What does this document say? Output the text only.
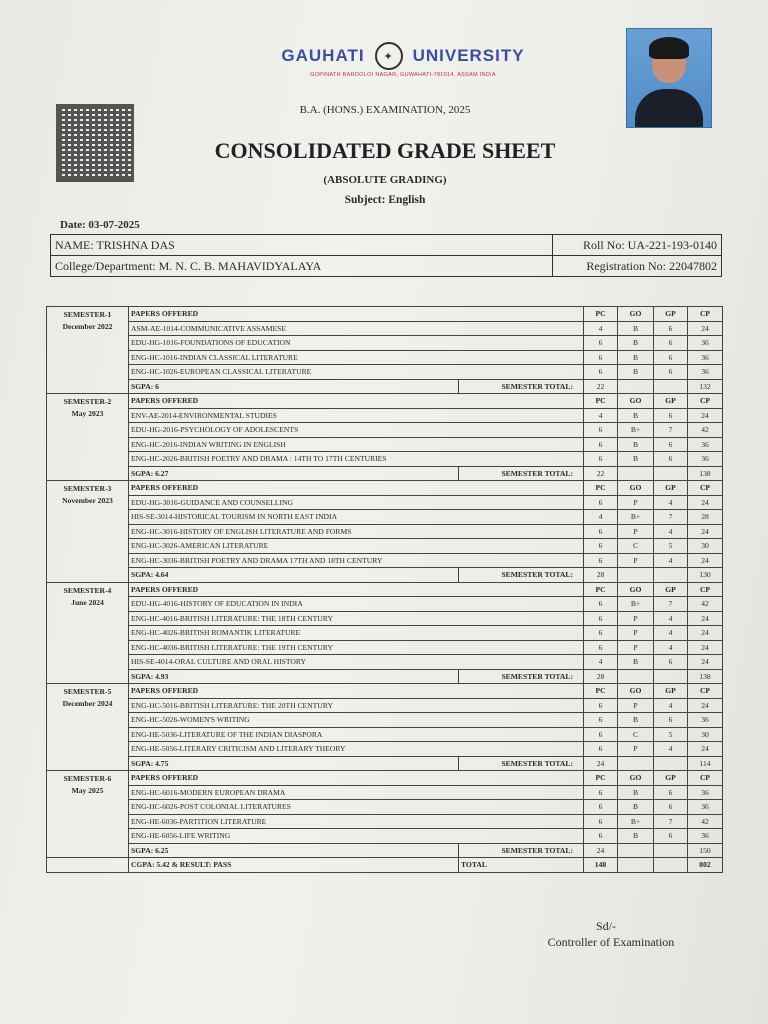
GAUHATI	✦	UNIVERSITY
GOPINATH BARDOLOI NAGAR, GUWAHATI-781014, ASSAM INDIA
B.A. (HONS.) EXAMINATION, 2025
CONSOLIDATED GRADE SHEET
(ABSOLUTE GRADING)
Subject: English
Date: 03-07-2025
NAME: TRISHNA DAS	Roll No: UA-221-193-0140
College/Department: M. N. C. B. MAHAVIDYALAYA	Registration No: 22047802
SEMESTER-1
December 2022	PAPERS OFFERED		PC	GO	GP	CP
	ASM-AE-1014-COMMUNICATIVE ASSAMESE		4	B	6	24
	EDU-HG-1016-FOUNDATIONS OF EDUCATION		6	B	6	36
	ENG-HC-1016-INDIAN CLASSICAL LITERATURE		6	B	6	36
	ENG-HC-1026-EUROPEAN CLASSICAL LITERATURE		6	B	6	36
	SGPA: 6	SEMESTER TOTAL:	22			132

SEMESTER-2
May 2023	PAPERS OFFERED		PC	GO	GP	CP
	ENV-AE-2014-ENVIRONMENTAL STUDIES		4	B	6	24
	EDU-HG-2016-PSYCHOLOGY OF ADOLESCENTS		6	B+	7	42
	ENG-HC-2016-INDIAN WRITING IN ENGLISH		6	B	6	36
	ENG-HC-2026-BRITISH POETRY AND DRAMA : 14TH TO 17TH CENTURIES		6	B	6	36
	SGPA: 6.27	SEMESTER TOTAL:	22			138

SEMESTER-3
November 2023	PAPERS OFFERED		PC	GO	GP	CP
	EDU-HG-3016-GUIDANCE AND COUNSELLING		6	P	4	24
	HIS-SE-3014-HISTORICAL TOURISM IN NORTH EAST INDIA		4	B+	7	28
	ENG-HC-3016-HISTORY OF ENGLISH LITERATURE AND FORMS		6	P	4	24
	ENG-HC-3026-AMERICAN LITERATURE		6	C	5	30
	ENG-HC-3036-BRITISH POETRY AND DRAMA 17TH AND 18TH CENTURY		6	P	4	24
	SGPA: 4.64	SEMESTER TOTAL:	28			130

SEMESTER-4
June 2024	PAPERS OFFERED		PC	GO	GP	CP
	EDU-HG-4016-HISTORY OF EDUCATION IN INDIA		6	B+	7	42
	ENG-HC-4016-BRITISH LITERATURE: THE 18TH CENTURY		6	P	4	24
	ENG-HC-4026-BRITISH ROMANTIK LITERATURE		6	P	4	24
	ENG-HC-4036-BRITISH LITERATURE: THE 19TH CENTURY		6	P	4	24
	HIS-SE-4014-ORAL CULTURE AND ORAL HISTORY		4	B	6	24
	SGPA: 4.93	SEMESTER TOTAL:	28			138

SEMESTER-5
December 2024	PAPERS OFFERED		PC	GO	GP	CP
	ENG-HC-5016-BRITISH LITERATURE: THE 20TH CENTURY		6	P	4	24
	ENG-HC-5026-WOMEN'S WRITING		6	B	6	36
	ENG-HE-5036-LITERATURE OF THE INDIAN DIASPORA		6	C	5	30
	ENG-HE-5056-LITERARY CRITICISM AND LITERARY THEORY		6	P	4	24
	SGPA: 4.75	SEMESTER TOTAL:	24			114

SEMESTER-6
May 2025	PAPERS OFFERED		PC	GO	GP	CP
	ENG-HC-6016-MODERN EUROPEAN DRAMA		6	B	6	36
	ENG-HC-6026-POST COLONIAL LITERATURES		6	B	6	36
	ENG-HE-6036-PARTITION LITERATURE		6	B+	7	42
	ENG-HE-6056-LIFE WRITING		6	B	6	36
	SGPA: 6.25	SEMESTER TOTAL:	24			150
	CGPA: 5.42 & RESULT: PASS	TOTAL	148			802
Sd/-
Controller of Examination
